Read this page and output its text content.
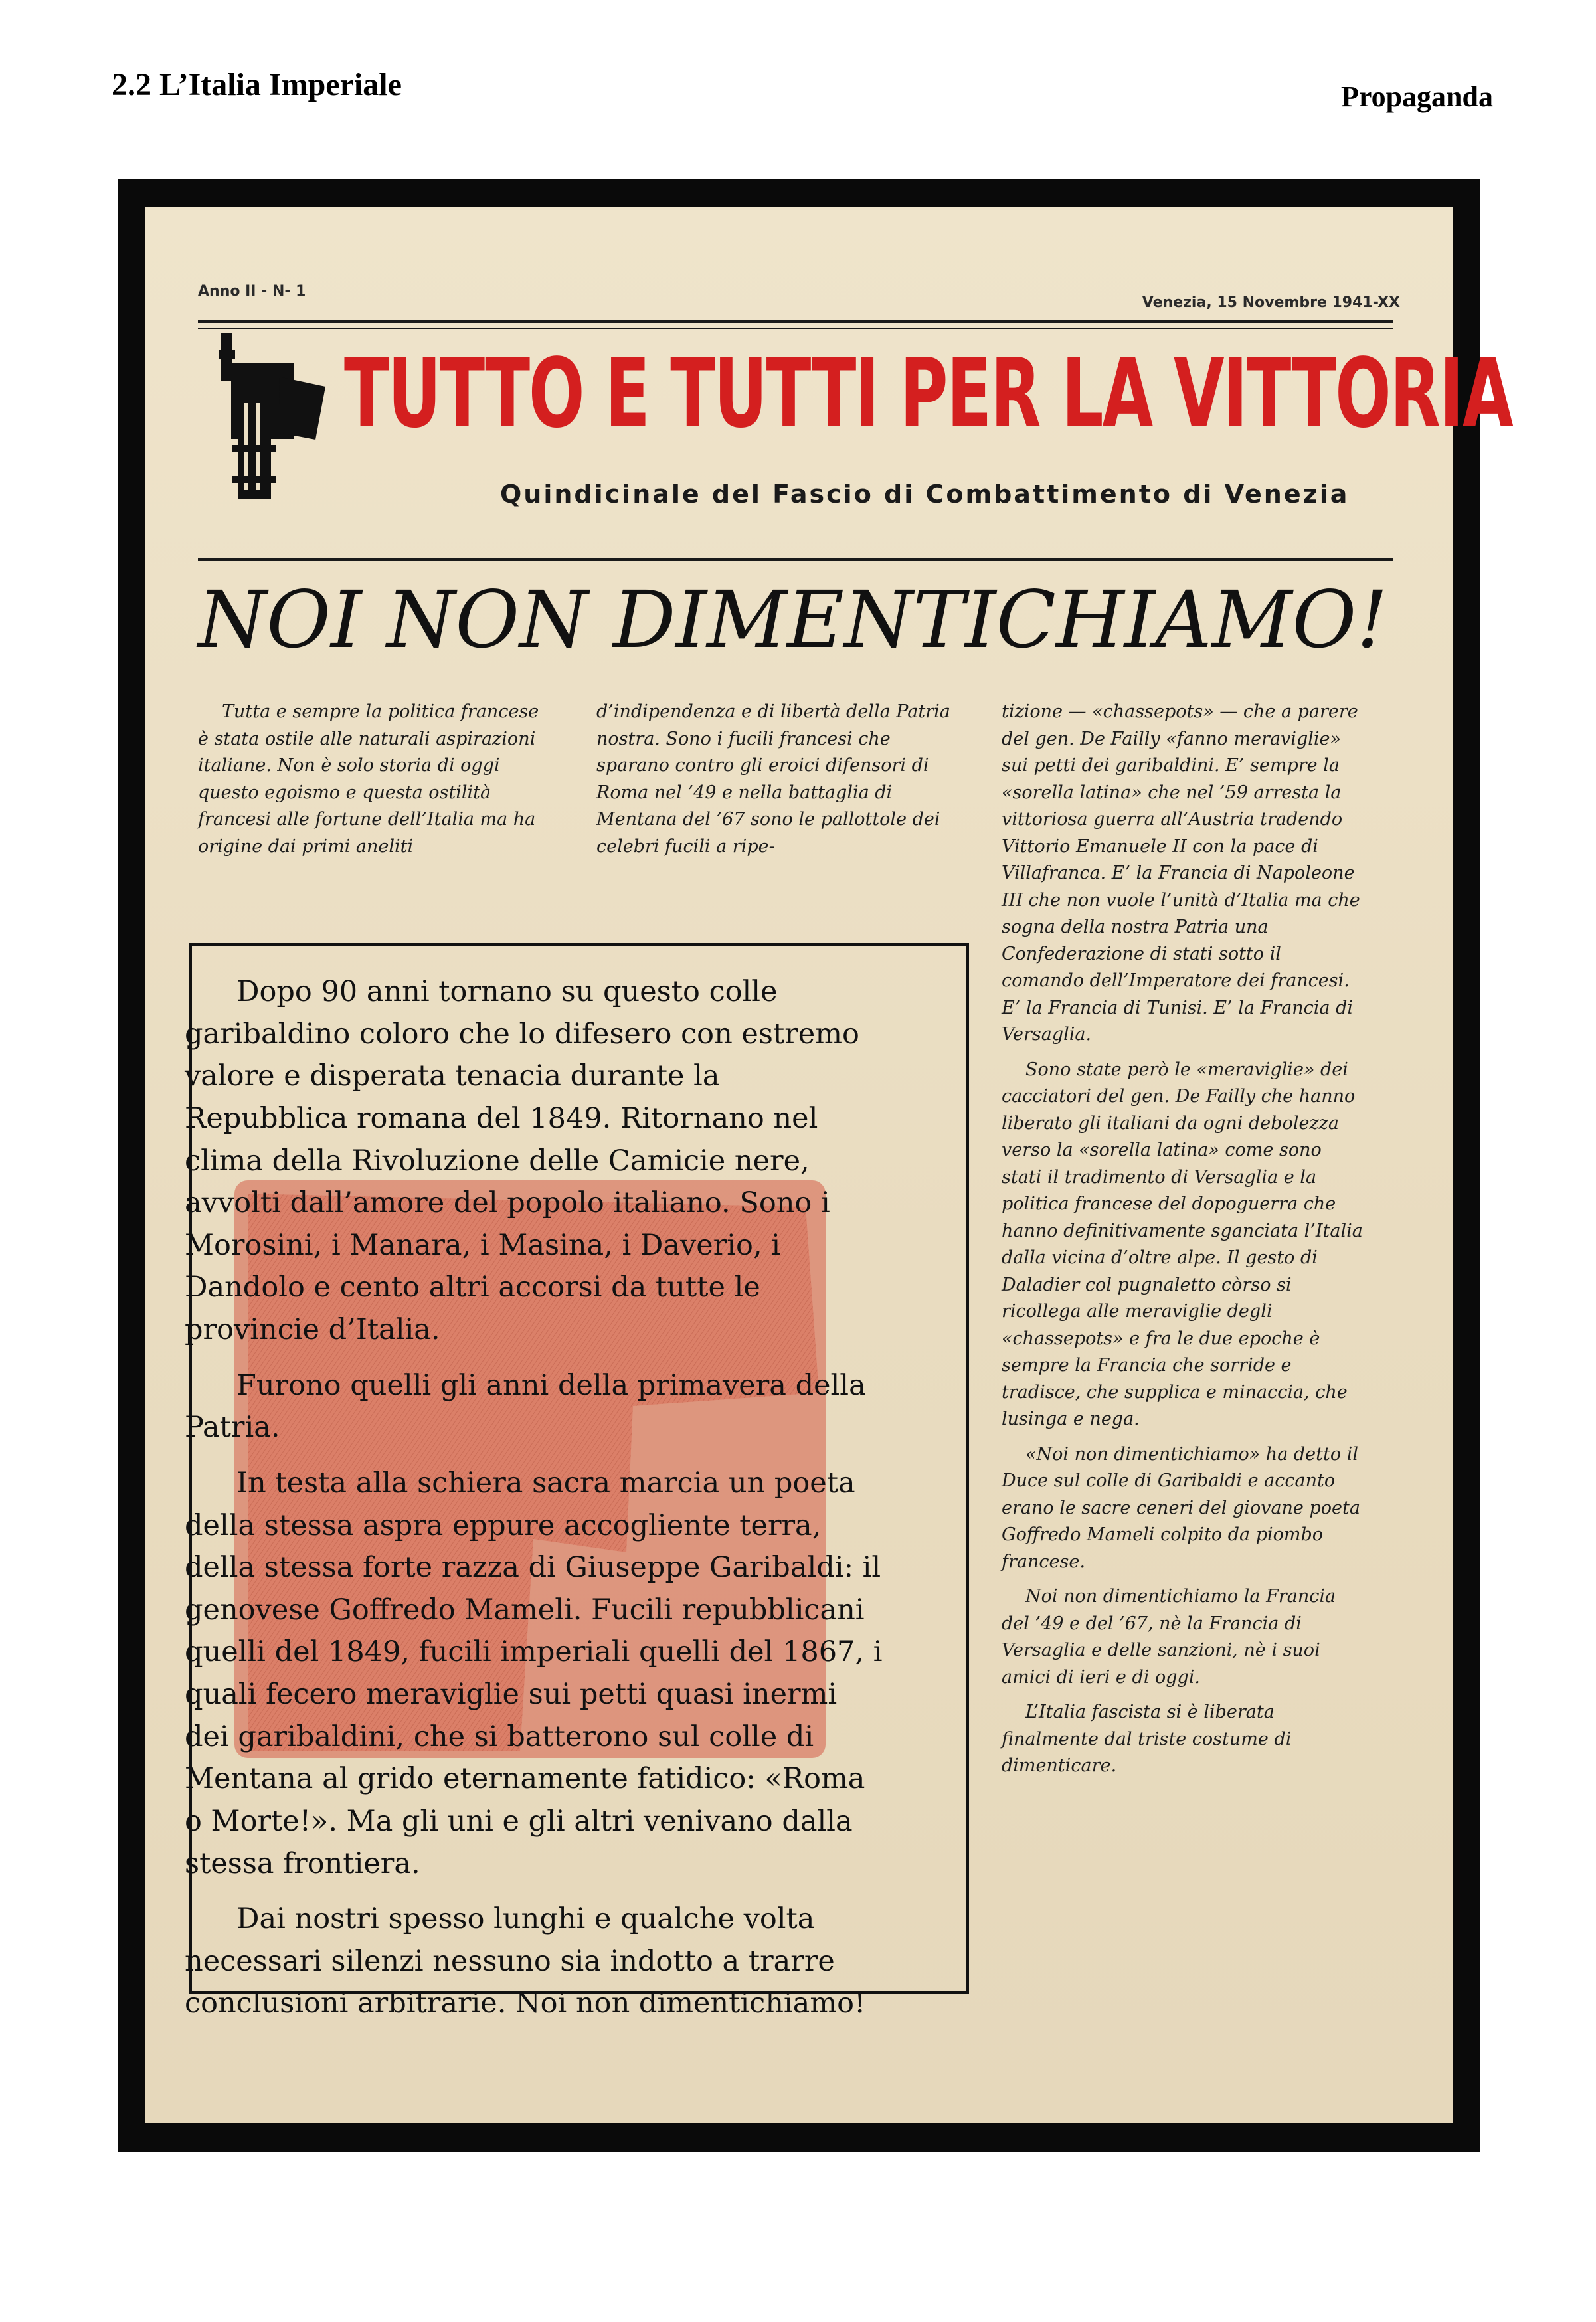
2.2 L’Italia Imperiale	Propaganda
Anno II - N- 1
Venezia, 15 Novembre 1941-XX
TUTTO E TUTTI PER LA VITTORIA
Quindicinale del Fascio di Combattimento di Venezia
NOI NON DIMENTICHIAMO!

Tutta e sempre la politica francese è stata ostile alle naturali aspirazioni italiane. Non è solo storia di oggi questo egoismo e questa ostilità francesi alle fortune dell’Italia ma ha origine dai primi aneliti

d’indipendenza e di libertà della Patria nostra. Sono i fucili francesi che sparano contro gli eroici difensori di Roma nel ’49 e nella battaglia di Mentana del ’67 sono le pallottole dei celebri fucili a ripe-

tizione — «chassepots» — che a parere del gen. De Failly «fanno meraviglie» sui petti dei garibaldini. E’ sempre la «sorella latina» che nel ’59 arresta la vittoriosa guerra all’Austria tradendo Vittorio Emanuele II con la pace di Villafranca. E’ la Francia di Napoleone III che non vuole l’unità d’Italia ma che sogna della nostra Patria una Confederazione di stati sotto il comando dell’Imperatore dei francesi. E’ la Francia di Tunisi. E’ la Francia di Versaglia.

Sono state però le «meraviglie» dei cacciatori del gen. De Failly che hanno liberato gli italiani da ogni debolezza verso la «sorella latina» come sono stati il tradimento di Versaglia e la politica francese del dopoguerra che hanno definitivamente sganciata l’Italia dalla vicina d’oltre alpe. Il gesto di Daladier col pugnaletto còrso si ricollega alle meraviglie degli «chassepots» e fra le due epoche è sempre la Francia che sorride e tradisce, che supplica e minaccia, che lusinga e nega.

«Noi non dimentichiamo» ha detto il Duce sul colle di Garibaldi e accanto erano le sacre ceneri del giovane poeta Goffredo Mameli colpito da piombo francese.

Noi non dimentichiamo la Francia del ’49 e del ’67, nè la Francia di Versaglia e delle sanzioni, nè i suoi amici di ieri e di oggi.

L’Italia fascista si è liberata finalmente dal triste costume di dimenticare.

Dopo 90 anni tornano su questo colle garibaldino coloro che lo difesero con estremo valore e disperata tenacia durante la Repubblica romana del 1849. Ritornano nel clima della Rivoluzione delle Camicie nere, avvolti dall’amore del popolo italiano. Sono i Morosini, i Manara, i Masina, i Daverio, i Dandolo e cento altri accorsi da tutte le provincie d’Italia.

Furono quelli gli anni della primavera della Patria.

In testa alla schiera sacra marcia un poeta della stessa aspra eppure accogliente terra, della stessa forte razza di Giuseppe Garibaldi: il genovese Goffredo Mameli. Fucili repubblicani quelli del 1849, fucili imperiali quelli del 1867, i quali fecero meraviglie sui petti quasi inermi dei garibaldini, che si batterono sul colle di Mentana al grido eternamente fatidico: «Roma o Morte!». Ma gli uni e gli altri venivano dalla stessa frontiera.

Dai nostri spesso lunghi e qualche volta necessari silenzi nessuno sia indotto a trarre conclusioni arbitrarie. Noi non dimentichiamo!
